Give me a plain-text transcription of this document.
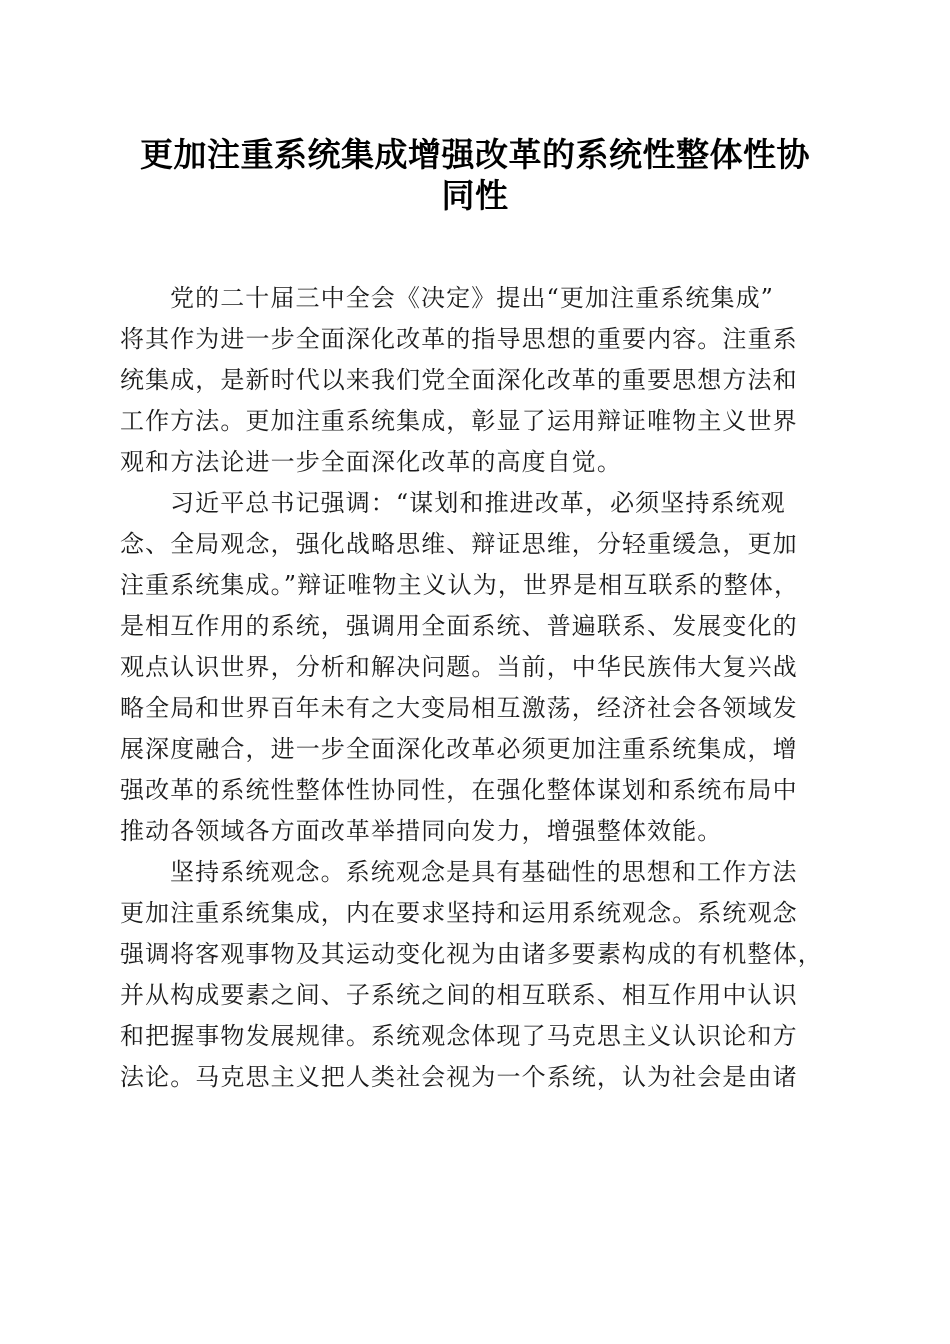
更加注重系统集成增强改革的系统性整体性协
同性
党的二十届三中全会《决定》提出“更加注重系统集成”
将其作为进一步全面深化改革的指导思想的重要内容。注重系
统集成，是新时代以来我们党全面深化改革的重要思想方法和
工作方法。更加注重系统集成，彰显了运用辩证唯物主义世界
观和方法论进一步全面深化改革的高度自觉。
习近平总书记强调：“谋划和推进改革，必须坚持系统观
念、全局观念，强化战略思维、辩证思维，分轻重缓急，更加
注重系统集成。”辩证唯物主义认为，世界是相互联系的整体，
是相互作用的系统，强调用全面系统、普遍联系、发展变化的
观点认识世界，分析和解决问题。当前，中华民族伟大复兴战
略全局和世界百年未有之大变局相互激荡，经济社会各领域发
展深度融合，进一步全面深化改革必须更加注重系统集成，增
强改革的系统性整体性协同性，在强化整体谋划和系统布局中
推动各领域各方面改革举措同向发力，增强整体效能。
坚持系统观念。系统观念是具有基础性的思想和工作方法
更加注重系统集成，内在要求坚持和运用系统观念。系统观念
强调将客观事物及其运动变化视为由诸多要素构成的有机整体，
并从构成要素之间、子系统之间的相互联系、相互作用中认识
和把握事物发展规律。系统观念体现了马克思主义认识论和方
法论。马克思主义把人类社会视为一个系统，认为社会是由诸
